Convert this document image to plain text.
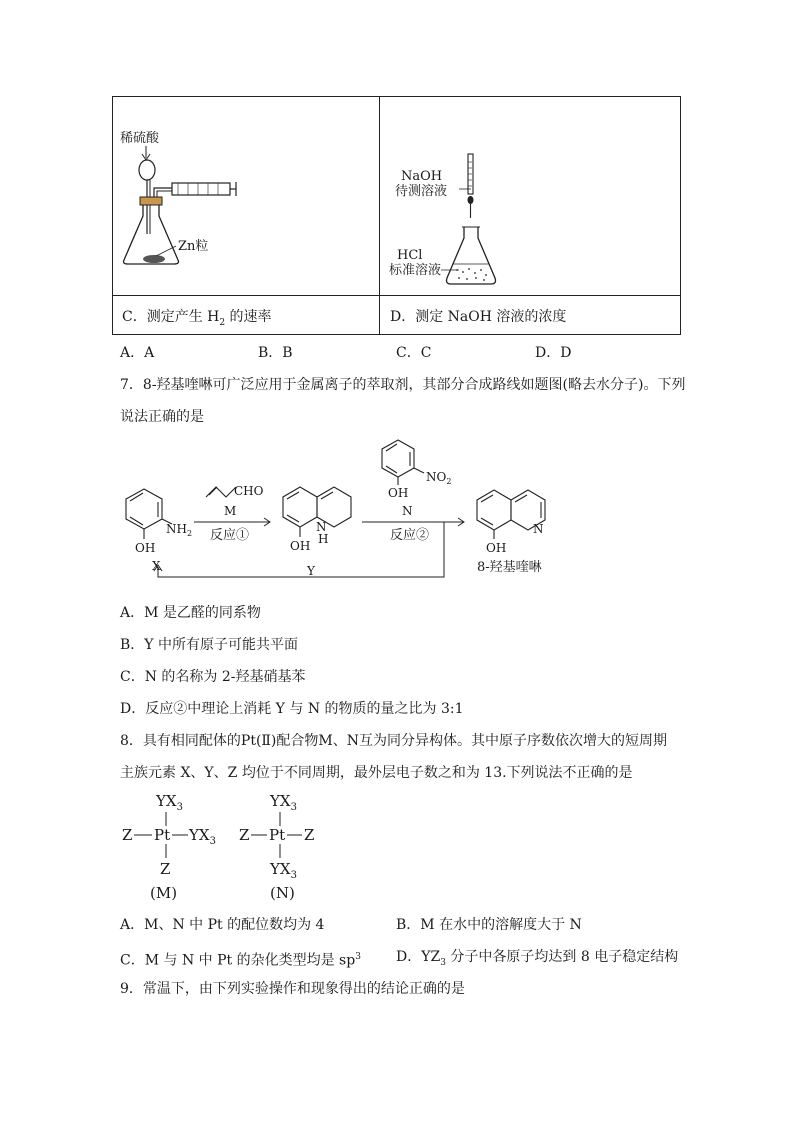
稀硫酸
Zn粒
NaOH
待测溶液
HCl
标准溶液
C．测定产生 $H_2$ 的速率	D．测定 NaOH 溶液的浓度
A．A	B．B	C．C	D．D
7．8-羟基喹啉可广泛应用于金属离子的萃取剂，其部分合成路线如题图(略去水分子)。下列
说法正确的是
$NH_2$
OH
CHO
M
反应①
OH
N
H
$NO_2$
OH
N
反应②	N
OH
X	Y	8-羟基喹啉
A．M 是乙醛的同系物
B．Y 中所有原子可能共平面
C．N 的名称为 2-羟基硝基苯
D．反应②中理论上消耗 Y 与 N 的物质的量之比为 3:1
8．具有相同配体的Pt(Ⅱ)配合物M、N互为同分异构体。其中原子序数依次增大的短周期
主族元素 X、Y、Z 均位于不同周期，最外层电子数之和为 13.下列说法不正确的是
$YX_3$
Z Pt $YX_3$
Z
(M)
$YX_3$
Z Pt Z
$YX_3$
(N)
A．M、N 中 Pt 的配位数均为 4	B．M 在水中的溶解度大于 N
C．M 与 N 中 Pt 的杂化类型均是 $sp^3$	D．$YZ_3$ 分子中各原子均达到 8 电子稳定结构
9．常温下，由下列实验操作和现象得出的结论正确的是
